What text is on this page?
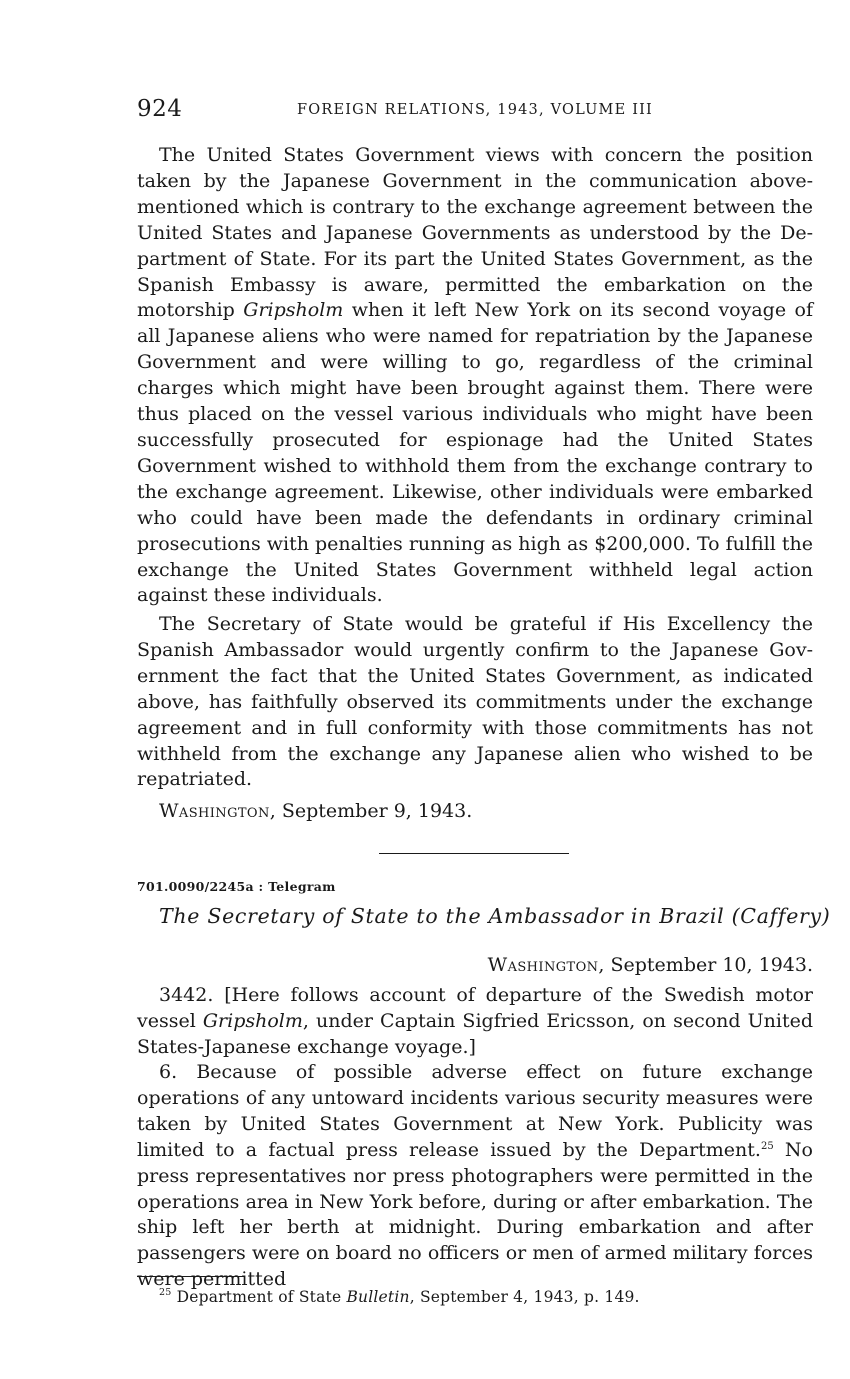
924	FOREIGN RELATIONS, 1943, VOLUME III

The United States Government views with concern the position taken by the Japanese Government in the communication abovementioned which is contrary to the exchange agreement between the United States and Japanese Governments as understood by the Department of State. For its part the United States Government, as the Spanish Embassy is aware, permitted the embarkation on the motorship Gripsholm when it left New York on its second voyage of all Japanese aliens who were named for repatriation by the Japanese Government and were willing to go, regardless of the criminal charges which might have been brought against them. There were thus placed on the vessel various individuals who might have been successfully prosecuted for espionage had the United States Government wished to withhold them from the exchange contrary to the exchange agreement. Likewise, other individuals were embarked who could have been made the defendants in ordinary criminal prosecutions with penalties running as high as $200,000. To fulfill the exchange the United States Government withheld legal action against these individuals.

The Secretary of State would be grateful if His Excellency the Spanish Ambassador would urgently confirm to the Japanese Government the fact that the United States Government, as indicated above, has faithfully observed its commitments under the exchange agreement and in full conformity with those commitments has not withheld from the exchange any Japanese alien who wished to be repatriated.

Washington, September 9, 1943.
701.0090/2245a : Telegram
The Secretary of State to the Ambassador in Brazil (Caffery)
Washington, September 10, 1943.

3442. [Here follows account of departure of the Swedish motor vessel Gripsholm, under Captain Sigfried Ericsson, on second United States-Japanese exchange voyage.]

6. Because of possible adverse effect on future exchange operations of any untoward incidents various security measures were taken by United States Government at New York. Publicity was limited to a factual press release issued by the Department.$^{25}$ No press representatives nor press photographers were permitted in the operations area in New York before, during or after embarkation. The ship left her berth at midnight. During embarkation and after passengers were on board no officers or men of armed military forces were permitted

$^{25}$ Department of State Bulletin, September 4, 1943, p. 149.
